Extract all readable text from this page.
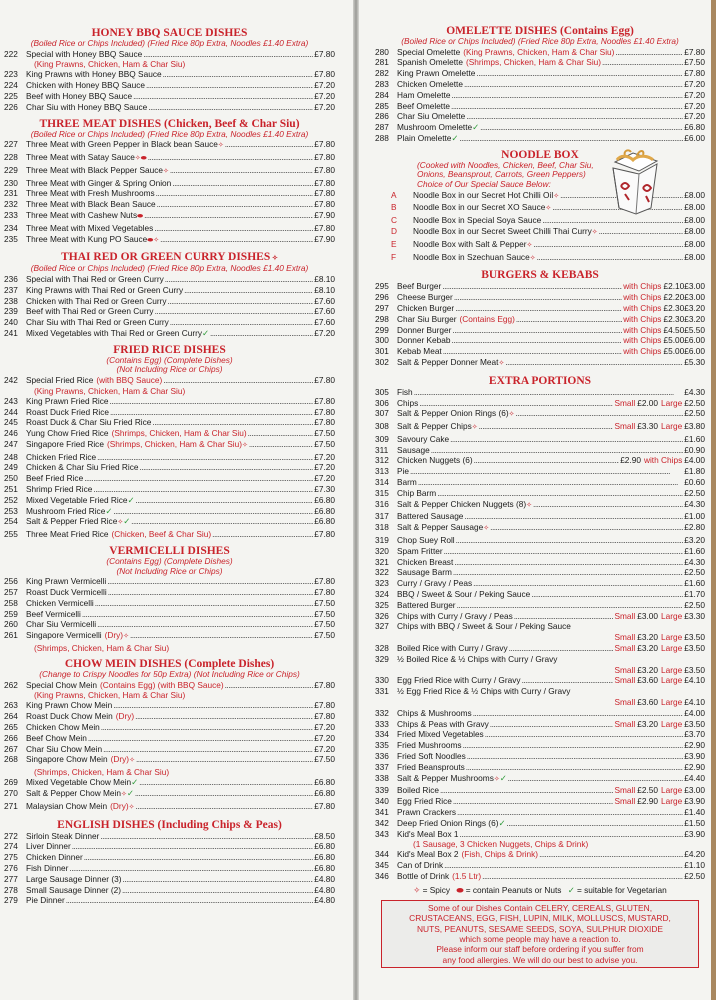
HONEY BBQ SAUCE DISHES
(Boiled Rice or Chips Included) (Fried Rice 80p Extra, Noodles £1.40 Extra)
222 Special with Honey BBQ Sauce .....	£7.80
(King Prawns, Chicken, Ham & Char Siu)
223 King Prawns with Honey BBQ Sauce .....	£7.80
224 Chicken with Honey BBQ Sauce .....	£7.20
225 Beef with Honey BBQ Sauce .....	£7.20
226 Char Siu with Honey BBQ Sauce .....	£7.20
THREE MEAT DISHES (Chicken, Beef & Char Siu)
(Boiled Rice or Chips Included) (Fried Rice 80p Extra, Noodles £1.40 Extra)
227 Three Meat with Green Pepper in Black bean Sauce ✧ .....	£7.80
228 Three Meat with Satay Sauce ✧ ⬬ .....	£7.80
229 Three Meat with Black Pepper Sauce ✧ .....	£7.80
230 Three Meat with Ginger & Spring Onion .....	£7.80
231 Three Meat with Fresh Mushrooms .....	£7.80
232 Three Meat with Black Bean Sauce .....	£7.80
233 Three Meat with Cashew Nuts ⬬ .....	£7.90
234 Three Meat with Mixed Vegetables .....	£7.80
235 Three Meat with Kung PO Sauce ⬬ ✧ .....	£7.90
THAI RED OR GREEN CURRY DISHES ✧
(Boiled Rice or Chips Included) (Fried Rice 80p Extra, Noodles £1.40 Extra)
236 Special with Thai Red or Green Curry .....	£8.10
237 King Prawns with Thai Red or Green Curry .....	£8.10
238 Chicken with Thai Red or Green Curry .....	£7.60
239 Beef with Thai Red or Green Curry .....	£7.60
240 Char Siu with Thai Red or Green Curry .....	£7.60
241 Mixed Vegetables with Thai Red or Green Curry ✓ .....	£7.20
FRIED RICE DISHES
(Contains Egg) (Complete Dishes)
(Not Including Rice or Chips)
242 Special Fried Rice (with BBQ Sauce) .....	£7.80
(King Prawns, Chicken, Ham & Char Siu)
243 King Prawn Fried Rice .....	£7.80
244 Roast Duck Fried Rice .....	£7.80
245 Roast Duck & Char Siu Fried Rice .....	£7.80
246 Yung Chow Fried Rice (Shrimps, Chicken, Ham & Char Siu) .....	£7.50
247 Singapore Fried Rice (Shrimps, Chicken, Ham & Char Siu) ✧ .....	£7.50
248 Chicken Fried Rice .....	£7.20
249 Chicken & Char Siu Fried Rice .....	£7.20
250 Beef Fried Rice .....	£7.20
251 Shrimp Fried Rice .....	£7.30
252 Mixed Vegetable Fried Rice ✓ .....	£6.80
253 Mushroom Fried Rice ✓ .....	£6.80
254 Salt & Pepper Fried Rice ✧ ✓ .....	£6.80
255 Three Meat Fried Rice (Chicken, Beef & Char Siu) .....	£7.80
VERMICELLI DISHES
(Contains Egg) (Complete Dishes)
(Not Including Rice or Chips)
256 King Prawn Vermicelli .....	£7.80
257 Roast Duck Vermicelli .....	£7.80
258 Chicken Vermicelli .....	£7.50
259 Beef Vermicelli .....	£7.50
260 Char Siu Vermicelli .....	£7.50
261 Singapore Vermicelli (Dry) ✧ .....	£7.50
(Shrimps, Chicken, Ham & Char Siu)
CHOW MEIN DISHES (Complete Dishes)
(Change to Crispy Noodles for 50p Extra) (Not Including Rice or Chips)
262 Special Chow Mein (Contains Egg) (with BBQ Sauce) .....	£7.80
(King Prawns, Chicken, Ham & Char Siu)
263 King Prawn Chow Mein .....	£7.80
264 Roast Duck Chow Mein (Dry) .....	£7.80
265 Chicken Chow Mein .....	£7.20
266 Beef Chow Mein .....	£7.20
267 Char Siu Chow Mein .....	£7.20
268 Singapore Chow Mein (Dry) ✧ .....	£7.50
(Shrimps, Chicken, Ham & Char Siu)
269 Mixed Vegetable Chow Mein ✓ .....	£6.80
270 Salt & Pepper Chow Mein ✧ ✓ .....	£6.80
271 Malaysian Chow Mein (Dry) ✧ .....	£7.80
ENGLISH DISHES (Including Chips & Peas)
272 Sirloin Steak Dinner .....	£8.50
274 Liver Dinner .....	£6.80
275 Chicken Dinner .....	£6.80
276 Fish Dinner .....	£6.80
277 Large Sausage Dinner (3) .....	£4.80
278 Small Sausage Dinner (2) .....	£4.80
279 Pie Dinner .....	£4.80
OMELETTE DISHES (Contains Egg)
(Boiled Rice or Chips Included) (Fried Rice 80p Extra, Noodles £1.40 Extra)
280 Special Omelette (King Prawns, Chicken, Ham & Char Siu) .....	£7.80
281 Spanish Omelette (Shrimps, Chicken, Ham & Char Siu) .....	£7.50
282 King Prawn Omelette .....	£7.80
283 Chicken Omelette .....	£7.20
284 Ham Omelette .....	£7.20
285 Beef Omelette .....	£7.20
286 Char Siu Omelette .....	£7.20
287 Mushroom Omelette ✓ .....	£6.80
288 Plain Omelette ✓ .....	£6.00
NOODLE BOX
(Cooked with Noodles, Chicken, Beef, Char Siu,
Onions, Beansprout, Carrots, Green Peppers)
Choice of Our Special Sauce Below:
A	Noodle Box in our Secret Hot Chilli Oil ✧ .....	£8.00
B	Noodle Box in our Secret XO Sauce ✧ .....	£8.00
C	Noodle Box in Special Soya Sauce .....	£8.00
D	Noodle Box in our Secret Sweet Chilli Thai Curry ✧ .....	£8.00
E	Noodle Box with Salt & Pepper ✧ .....	£8.00
F	Noodle Box in Szechuan Sauce ✧ .....	£8.00
BURGERS & KEBABS
295 Beef Burger .....	with Chips £2.10 £3.00
296 Cheese Burger .....	with Chips £2.20 £3.00
297 Chicken Burger .....	with Chips £2.30 £3.20
298 Char Siu Burger (Contains Egg) .....	with Chips £2.30 £3.20
299 Donner Burger .....	with Chips £4.50 £5.50
300 Donner Kebab .....	with Chips £5.00 £6.00
301 Kebab Meat .....	with Chips £5.00 £6.00
302 Salt & Pepper Donner Meat ✧ .....	£5.30
EXTRA PORTIONS
305 Fish .....	£4.30
306 Chips .....	Small £2.00 Large £2.50
307 Salt & Pepper Onion Rings (6) ✧ .....	£2.50
308 Salt & Pepper Chips ✧ .....	Small £3.30 Large £3.80
309 Savoury Cake .....	£1.60
311	Sausage .....	£0.90
312 Chicken Nuggets (6) .....	£2.90 with Chips £4.00
313 Pie .....	£1.80
314 Barm .....	£0.60
315 Chip Barm .....	£2.50
316 Salt & Pepper Chicken Nuggets (8) ✧ .....	£4.30
317 Battered Sausage .....	£1.00
318 Salt & Pepper Sausage ✧ .....	£2.80
319 Chop Suey Roll .....	£3.20
320 Spam Fritter .....	£1.60
321 Chicken Breast .....	£4.30
322 Sausage Barm .....	£2.50
323 Curry / Gravy / Peas .....	£1.60
324 BBQ / Sweet & Sour / Peking Sauce .....	£1.70
325 Battered Burger .....	£2.50
326 Chips with Curry / Gravy / Peas .....	Small £3.00 Large £3.30
327 Chips with BBQ / Sweet & Sour / Peking Sauce
Small £3.20 Large £3.50
328 Boiled Rice with Curry / Gravy .....	Small £3.20 Large £3.50
329 ½ Boiled Rice & ½ Chips with Curry / Gravy
Small £3.20 Large £3.50
330 Egg Fried Rice with Curry / Gravy .....	Small £3.60 Large £4.10
331 ½ Egg Fried Rice & ½ Chips with Curry / Gravy
Small £3.60 Large £4.10
332 Chips & Mushrooms .....	£4.00
333 Chips & Peas with Gravy .....	Small £3.20 Large £3.50
334 Fried Mixed Vegetables .....	£3.70
335 Fried Mushrooms .....	£2.90
336 Fried Soft Noodles .....	£3.90
337 Fried Beansprouts .....	£2.90
338 Salt & Pepper Mushrooms ✧ ✓ .....	£4.40
339 Boiled Rice .....	Small £2.50 Large £3.00
340 Egg Fried Rice .....	Small £2.90 Large £3.90
341 Prawn Crackers .....	£1.40
342 Deep Fried Onion Rings (6) ✓ .....	£1.50
343 Kid's Meal Box 1 .....	£3.90
(1 Sausage, 3 Chicken Nuggets, Chips & Drink)
344 Kid's Meal Box 2 (Fish, Chips & Drink) .....	£4.20
345 Can of Drink .....	£1.10
346 Bottle of Drink (1.5 Ltr) .....	£2.50
✧ = Spicy ⬬ = contain Peanuts or Nuts ✓ = suitable for Vegetarian
Some of our Dishes Contain CELERY, CEREALS, GLUTEN,
CRUSTACEANS, EGG, FISH, LUPIN, MILK, MOLLUSCS, MUSTARD,
NUTS, PEANUTS, SESAME SEEDS, SOYA, SULPHUR DIOXIDE
which some people may have a reaction to.
Please inform our staff before ordering if you suffer from
any food allergies. We will do our best to advise you.
